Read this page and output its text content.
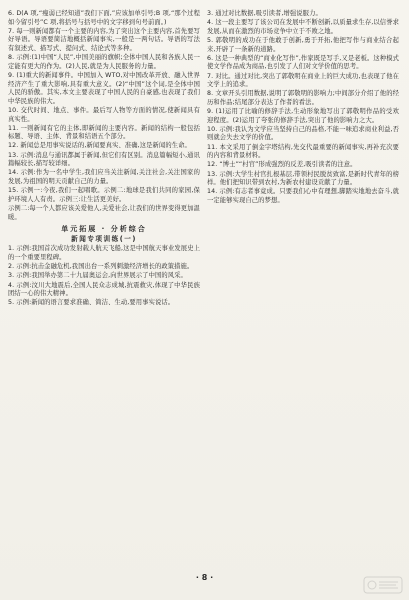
6. D(A 项,“瘦弱已经知道”我们下面,”应该加单引号;B 项,“那个过程如今留引号”C 项,将括号与括号中的文字移到句号前面。)

7. 每一则新闻都有一个主要的内容,为了突出这个主要内容,首先要写好导语。导语要简洁地概括新闻事实,一般是一两句话。导语的写法有叙述式、描写式、提问式、结论式等多种。

8. 示例:(1)中国“人民”,中国美丽的旗帜;全体中国人民和各族人民一定能有更大的作为。(2)人民,就是为人民服务的力量。

9. (1)重大的新闻事件。中国加入 WTO,对中国改革开放、融入世界经济产生了重大影响,具有重大意义。(2)“中国”这个词,是全体中国人民的骄傲。其实,本文主要表现了中国人民的自豪感,也表现了我们中华民族的伟大。

10. 交代时间、地点、事件。最后写人物等方面的情况,使新闻具有真实性。

11. 一则新闻有它的主体,即新闻的主要内容。新闻的结构一般包括标题、导语、主体、背景和结语五个部分。

12. 新闻总是用事实说话的,新闻要真实、准确,这是新闻的生命。

13. 示例:消息与通讯都属于新闻,但它们有区别。消息篇幅短小,通讯篇幅较长,描写较详细。

14. 示例:作为一名中学生,我们应当关注新闻,关注社会,关注国家的发展,为祖国的明天贡献自己的力量。

15. 示例一:今夜,我们一起唱歌。示例二:地球是我们共同的家园,保护环境人人有责。示例三:让生活更美好。

示例二:每一个人都应该关爱他人,关爱社会,让我们的世界变得更加温暖。

单元拓展 · 分析综合
新闻专项训练(一)

1. 示例:我国首次成功发射载人航天飞船,这是中国航天事业发展史上的一个重要里程碑。

2. 示例:抗击金融危机,我国出台一系列刺激经济增长的政策措施。

3. 示例:我国举办第二十九届奥运会,向世界展示了中国的风采。

4. 示例:汶川大地震后,全国人民众志成城,抗震救灾,体现了中华民族团结一心的伟大精神。

5. 示例:新闻的语言要求准确、简洁、生动,要用事实说话。

3. 通过对比数据,吸引读者,增强说服力。

4. 这一段主要写了该公司在发展中不断创新,以质量求生存,以信誉求发展,从而在激烈的市场竞争中立于不败之地。

5. 郭敬明的成功在于他敢于创新,勇于开拓,他把写作与商业结合起来,开辟了一条新的道路。

6. 这是一种典型的“商业化写作”,作家既是写手,又是老板。这种模式使文学作品成为商品,也引发了人们对文学价值的思考。

7. 对比。通过对比,突出了郭敬明在商业上的巨大成功,也表现了他在文学上的追求。

8. 文章开头引用数据,说明了郭敬明的影响力;中间部分介绍了他的经历和作品;结尾部分表达了作者的看法。

9. (1)运用了比喻的修辞手法,生动形象地写出了郭敬明作品的受欢迎程度。(2)运用了夸张的修辞手法,突出了他的影响力之大。

10. 示例:我认为文学应当坚持自己的品格,不能一味追求商业利益,否则就会失去文学的价值。

11. 本文采用了倒金字塔结构,先交代最重要的新闻事实,再补充次要的内容和背景材料。

12. “博士”“村官”形成强烈的反差,吸引读者的注意。

13. 示例:大学生村官扎根基层,带领村民脱贫致富,是新时代青年的榜样。他们把知识带到农村,为新农村建设贡献了力量。

14. 示例:有志者事竟成。只要我们心中有理想,脚踏实地地去奋斗,就一定能够实现自己的梦想。

· 8 ·
